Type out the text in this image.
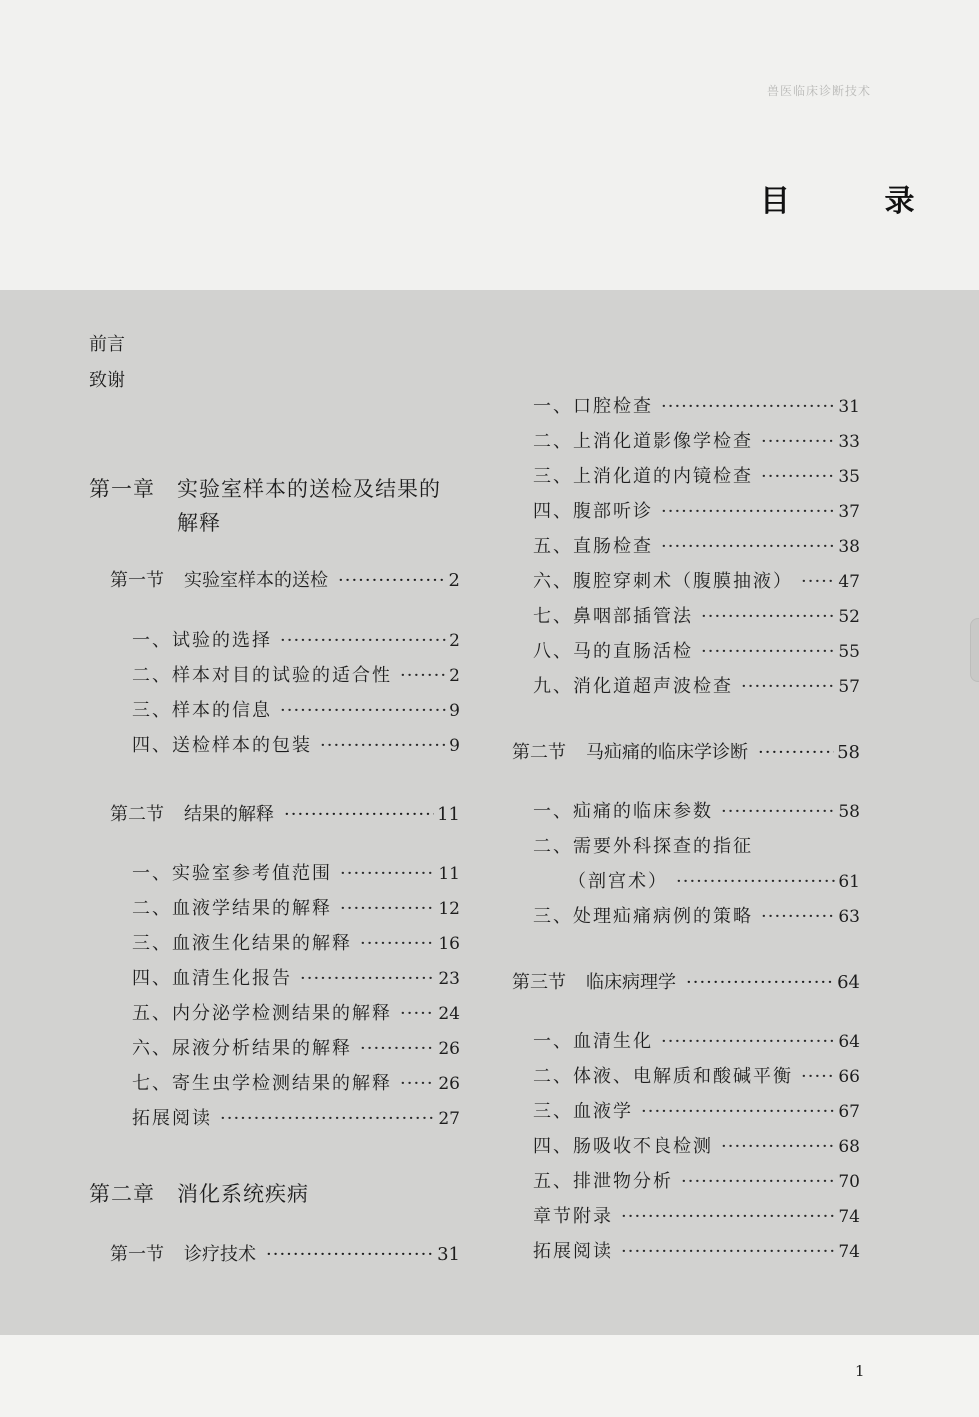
兽医临床诊断技术
目 录
前言
致谢
第一章 实验室样本的送检及结果的
解释
第一节 实验室样本的送检 ·····	2
一、试验的选择 ·····	2
二、样本对目的试验的适合性 ·····	2
三、样本的信息 ·····	9
四、送检样本的包装 ·····	9
第二节 结果的解释 ·····	11
一、实验室参考值范围 ·····	11
二、血液学结果的解释 ·····	12
三、血液生化结果的解释 ·····	16
四、血清生化报告 ·····	23
五、内分泌学检测结果的解释 ·····	24
六、尿液分析结果的解释 ·····	26
七、寄生虫学检测结果的解释 ·····	26
拓展阅读 ·····	27
第二章 消化系统疾病
第一节 诊疗技术 ·····	31
一、口腔检查 ·····	31
二、上消化道影像学检查 ·····	33
三、上消化道的内镜检查 ·····	35
四、腹部听诊 ·····	37
五、直肠检查 ·····	38
六、腹腔穿刺术（腹膜抽液） ·····	47
七、鼻咽部插管法 ·····	52
八、马的直肠活检 ·····	55
九、消化道超声波检查 ·····	57
第二节 马疝痛的临床学诊断 ·····	58
一、疝痛的临床参数 ·····	58
二、需要外科探查的指征
（剖宫术） ·····	61
三、处理疝痛病例的策略 ·····	63
第三节 临床病理学 ·····	64
一、血清生化 ·····	64
二、体液、电解质和酸碱平衡 ·····	66
三、血液学 ·····	67
四、肠吸收不良检测 ·····	68
五、排泄物分析 ·····	70
章节附录 ·····	74
拓展阅读 ·····	74
1
